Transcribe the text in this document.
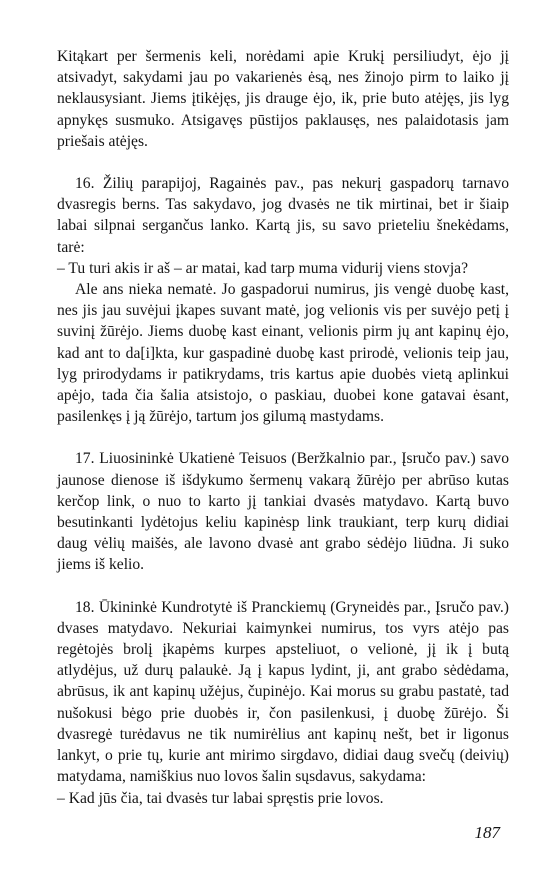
Kitąkart per šermenis keli, norėdami apie Krukį persiliudyt, ėjo jį atsivadyt, sakydami jau po vakarienės ėsą, nes žinojo pirm to laiko jį neklausysiant. Jiems įtikėjęs, jis drauge ėjo, ik, prie buto atėjęs, jis lyg apnykęs susmuko. Atsigavęs pūstijos paklausęs, nes palaidotasis jam priešais atėjęs.

16. Žilių parapijoj, Ragainės pav., pas nekurį gaspadorų tarnavo dvasregis berns. Tas sakydavo, jog dvasės ne tik mirtinai, bet ir šiaip labai silpnai sergančus lanko. Kartą jis, su savo prieteliu šnekėdams, tarė:

– Tu turi akis ir aš – ar matai, kad tarp muma vidurij viens stovja?

Ale ans nieka nematė. Jo gaspadorui numirus, jis vengė duobę kast, nes jis jau suvėjui įkapes suvant matė, jog velionis vis per suvėjo petį į suvinį žūrėjo. Jiems duobę kast einant, velionis pirm jų ant kapinų ėjo, kad ant to da[i]kta, kur gaspadinė duobę kast prirodė, velionis teip jau, lyg prirodydams ir patikrydams, tris kartus apie duobės vietą aplinkui apėjo, tada čia šalia atsistojo, o paskiau, duobei kone gatavai ėsant, pasilenkęs į ją žūrėjo, tartum jos gilumą mastydams.

17. Liuosininkė Ukatienė Teisuos (Beržkalnio par., Įsručo pav.) savo jaunose dienose iš išdykumo šermenų vakarą žūrėjo per abrūso kutas kerčop link, o nuo to karto jį tankiai dvasės matydavo. Kartą buvo besutinkanti lydėtojus keliu kapinėsp link traukiant, terp kurų didiai daug vėlių maišės, ale lavono dvasė ant grabo sėdėjo liūdna. Ji suko jiems iš kelio.

18. Ūkininkė Kundrotytė iš Pranckiemų (Gryneidės par., Įsručo pav.) dvases matydavo. Nekuriai kaimynkei numirus, tos vyrs atėjo pas regėtojės brolį įkapėms kurpes apsteliuot, o velionė, jį ik į butą atlydėjus, už durų palaukė. Ją į kapus lydint, ji, ant grabo sėdėdama, abrūsus, ik ant kapinų užėjus, čupinėjo. Kai morus su grabu pastatė, tad nušokusi bėgo prie duobės ir, čon pasilenkusi, į duobę žūrėjo. Ši dvasregė turėdavus ne tik numirėlius ant kapinų nešt, bet ir ligonus lankyt, o prie tų, kurie ant mirimo sirgdavo, didiai daug svečų (deivių) matydama, namiškius nuo lovos šalin sųsdavus, sakydama:

– Kad jūs čia, tai dvasės tur labai spręstis prie lovos.

187
